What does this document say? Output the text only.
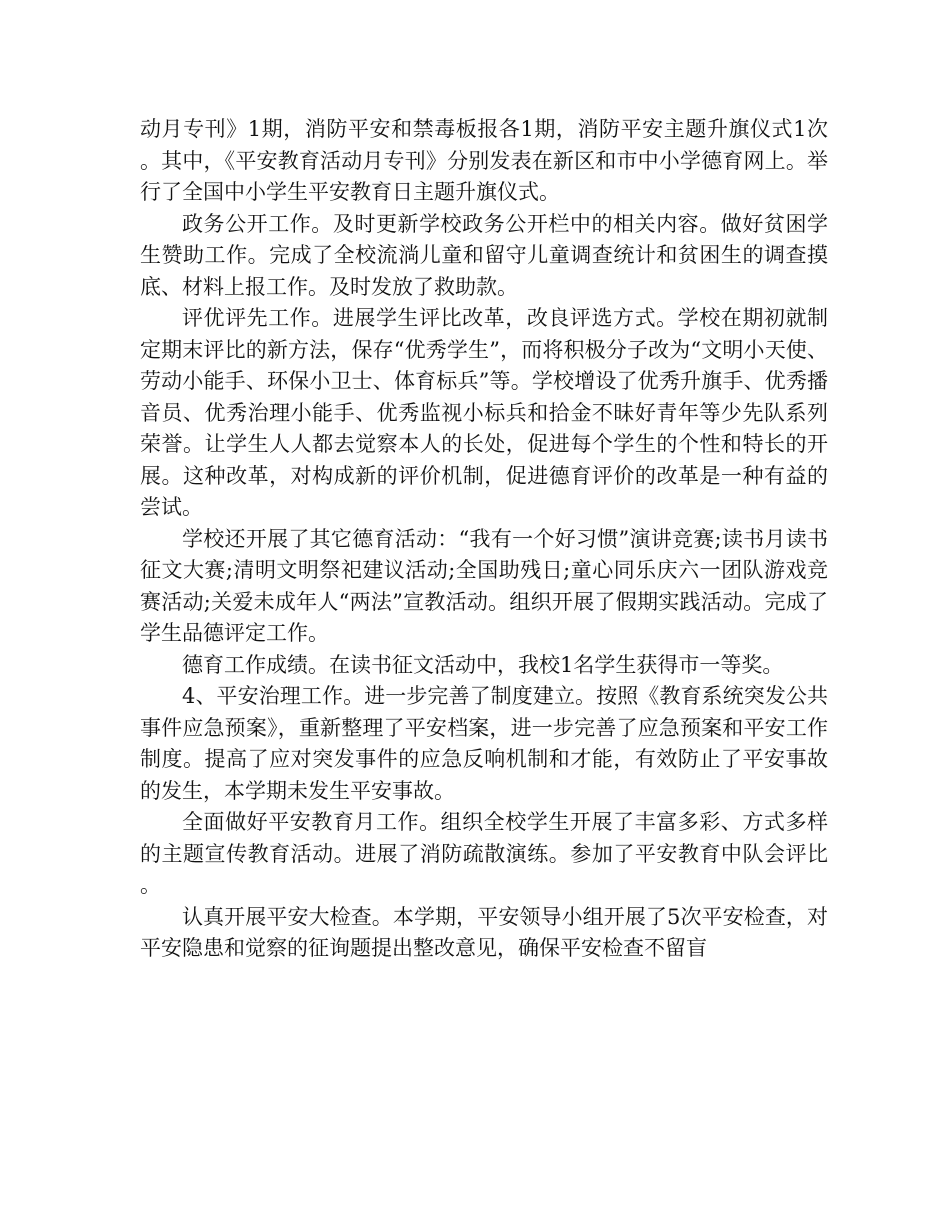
动月专刊》1期，消防平安和禁毒板报各1期，消防平安主题升旗仪式1次。其中，《平安教育活动月专刊》分别发表在新区和市中小学德育网上。举行了全国中小学生平安教育日主题升旗仪式。

政务公开工作。及时更新学校政务公开栏中的相关内容。做好贫困学生赞助工作。完成了全校流淌儿童和留守儿童调查统计和贫困生的调查摸底、材料上报工作。及时发放了救助款。

评优评先工作。进展学生评比改革，改良评选方式。学校在期初就制定期末评比的新方法，保存“优秀学生”，而将积极分子改为“文明小天使、劳动小能手、环保小卫士、体育标兵”等。学校增设了优秀升旗手、优秀播音员、优秀治理小能手、优秀监视小标兵和拾金不昧好青年等少先队系列荣誉。让学生人人都去觉察本人的长处，促进每个学生的个性和特长的开展。这种改革，对构成新的评价机制，促进德育评价的改革是一种有益的尝试。

学校还开展了其它德育活动：“我有一个好习惯”演讲竞赛;读书月读书征文大赛;清明文明祭祀建议活动;全国助残日;童心同乐庆六一团队游戏竞赛活动;关爱未成年人“两法”宣教活动。组织开展了假期实践活动。完成了学生品德评定工作。

德育工作成绩。在读书征文活动中，我校1名学生获得市一等奖。

4、平安治理工作。进一步完善了制度建立。按照《教育系统突发公共事件应急预案》，重新整理了平安档案，进一步完善了应急预案和平安工作制度。提高了应对突发事件的应急反响机制和才能，有效防止了平安事故的发生，本学期未发生平安事故。

全面做好平安教育月工作。组织全校学生开展了丰富多彩、方式多样的主题宣传教育活动。进展了消防疏散演练。参加了平安教育中队会评比。

认真开展平安大检查。本学期，平安领导小组开展了5次平安检查，对平安隐患和觉察的征询题提出整改意见，确保平安检查不留盲
